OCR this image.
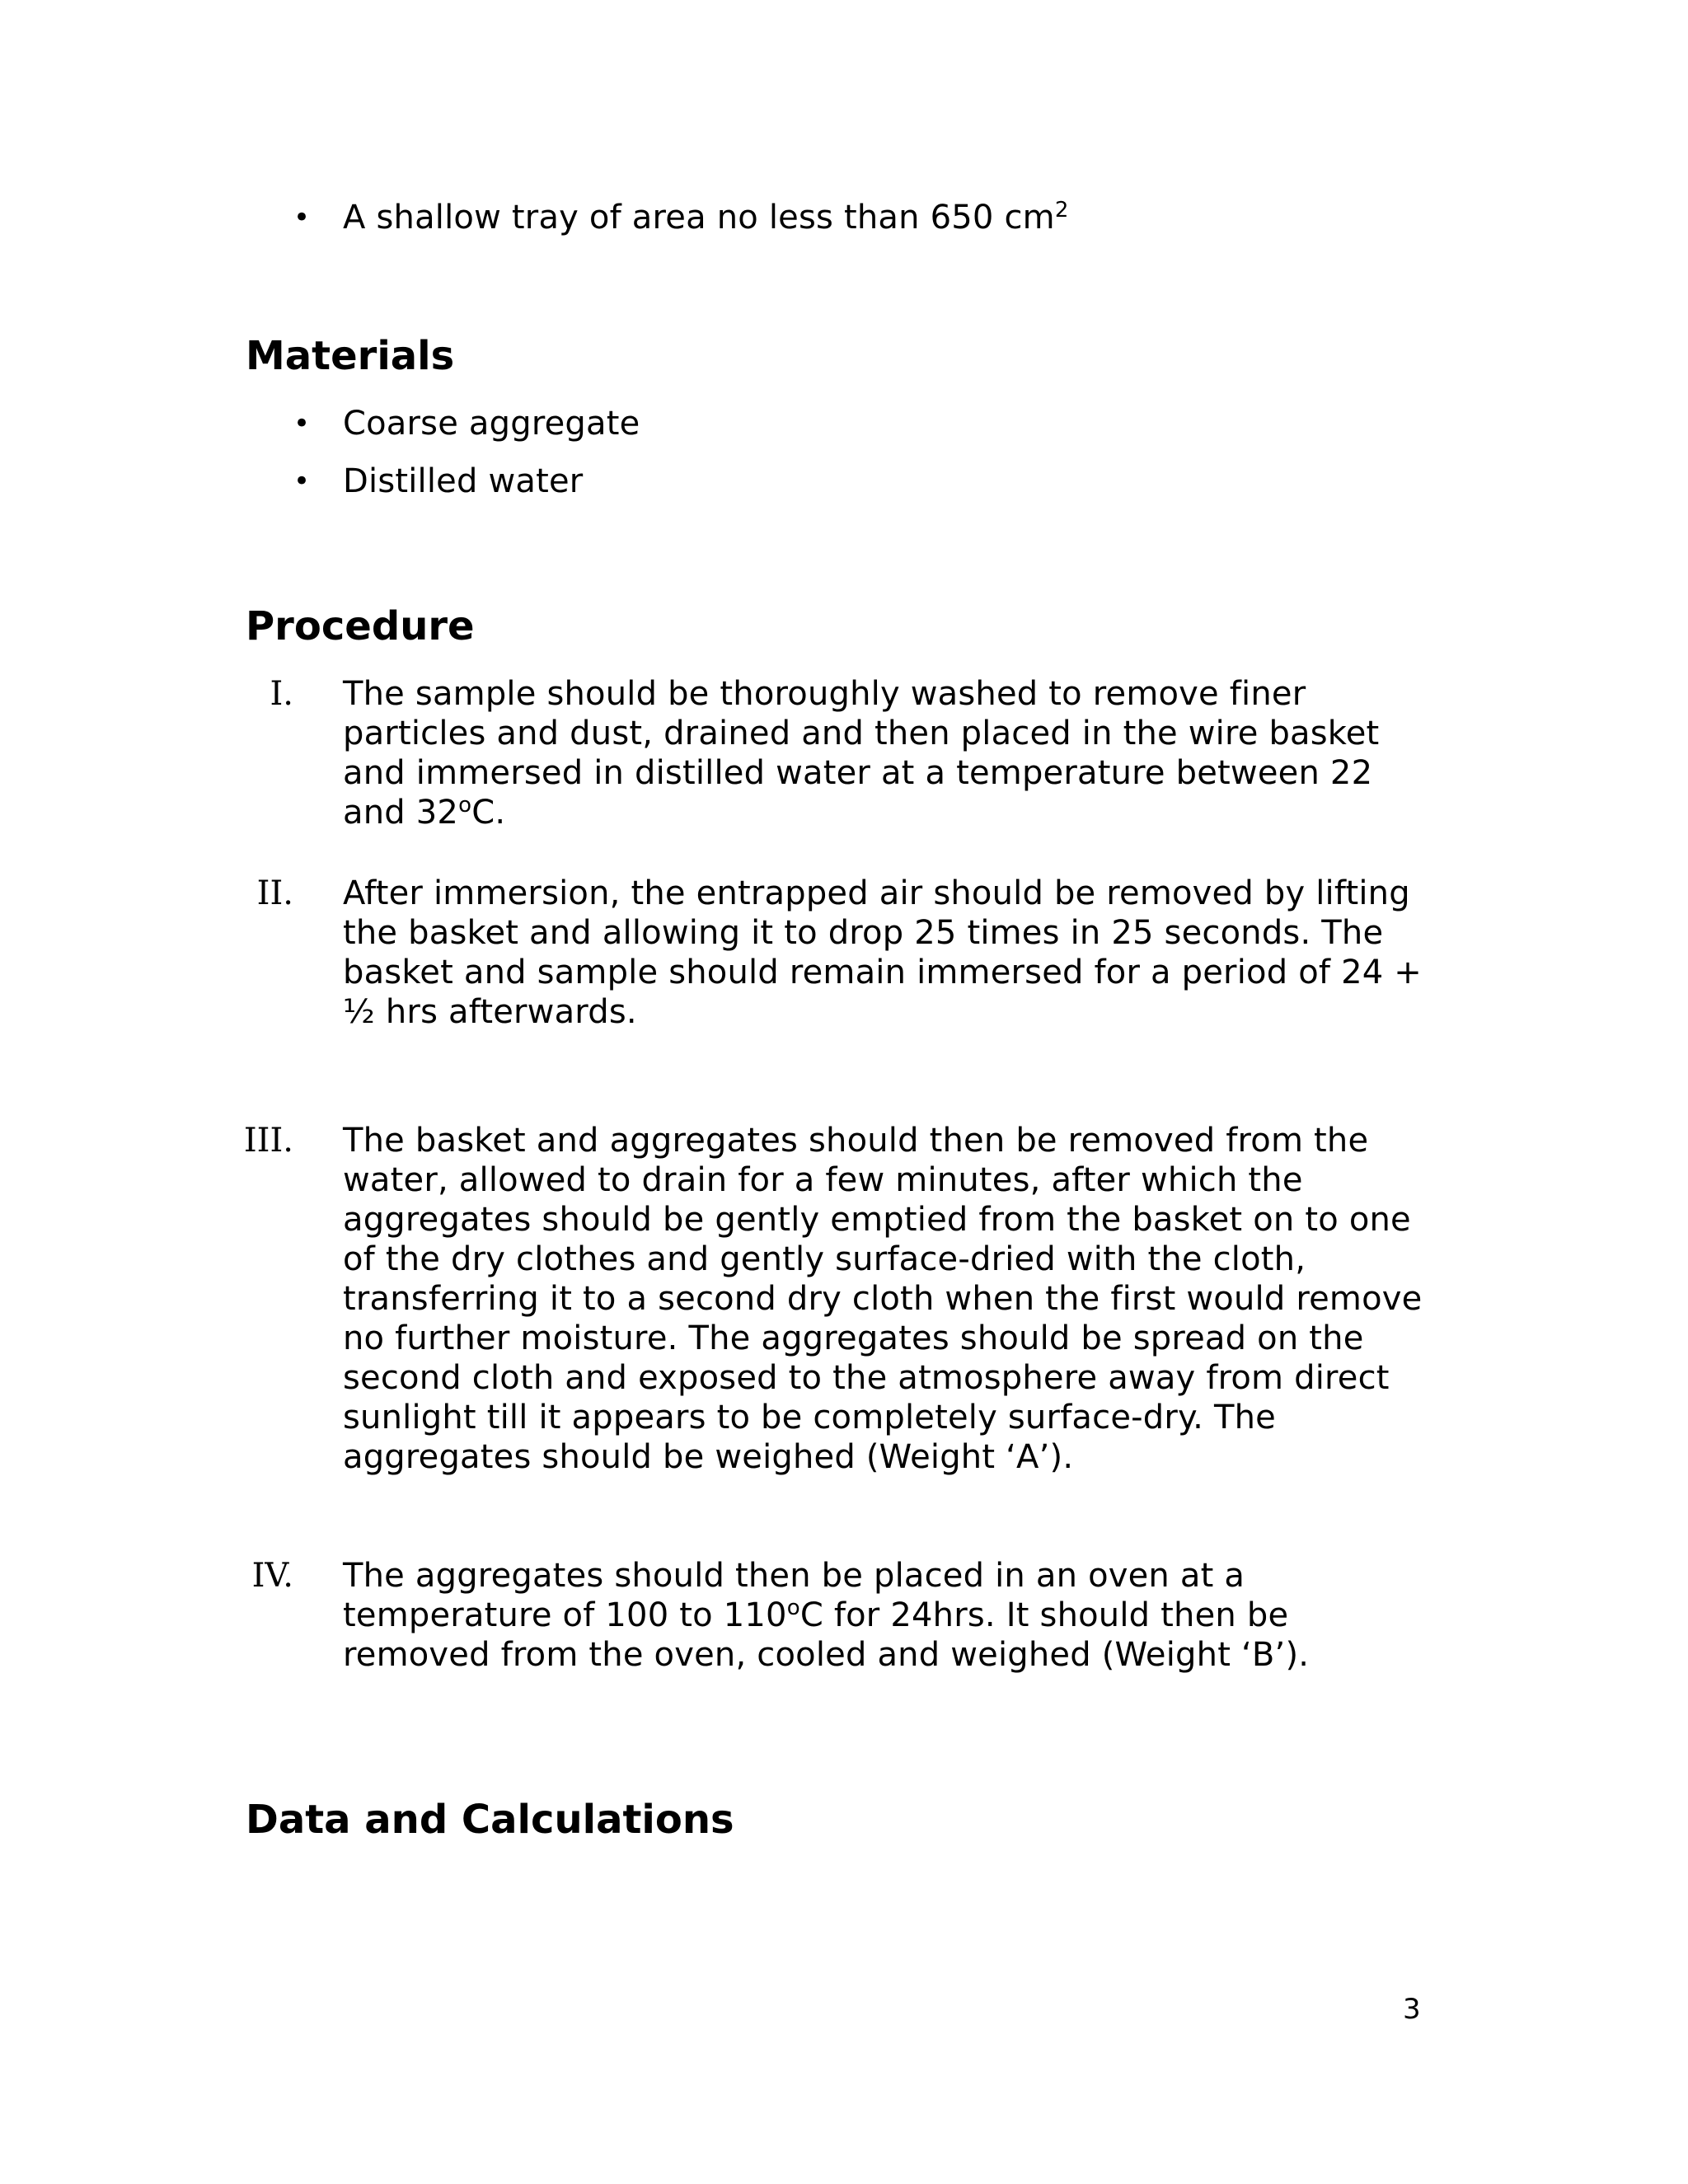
• A shallow tray of area no less than 650 $cm^2$
Materials
• Coarse aggregate
• Distilled water
Procedure
I. The sample should be thoroughly washed to remove finer
particles and dust, drained and then placed in the wire basket
and immersed in distilled water at a temperature between 22
and 32$^o$C.
II. After immersion, the entrapped air should be removed by lifting
the basket and allowing it to drop 25 times in 25 seconds. The
basket and sample should remain immersed for a period of 24 +
½ hrs afterwards.
III. The basket and aggregates should then be removed from the
water, allowed to drain for a few minutes, after which the
aggregates should be gently emptied from the basket on to one
of the dry clothes and gently surface-dried with the cloth,
transferring it to a second dry cloth when the first would remove
no further moisture. The aggregates should be spread on the
second cloth and exposed to the atmosphere away from direct
sunlight till it appears to be completely surface-dry. The
aggregates should be weighed (Weight ‘A’).
IV. The aggregates should then be placed in an oven at a
temperature of 100 to 110$^o$C for 24hrs. It should then be
removed from the oven, cooled and weighed (Weight ‘B’).
Data and Calculations
3
